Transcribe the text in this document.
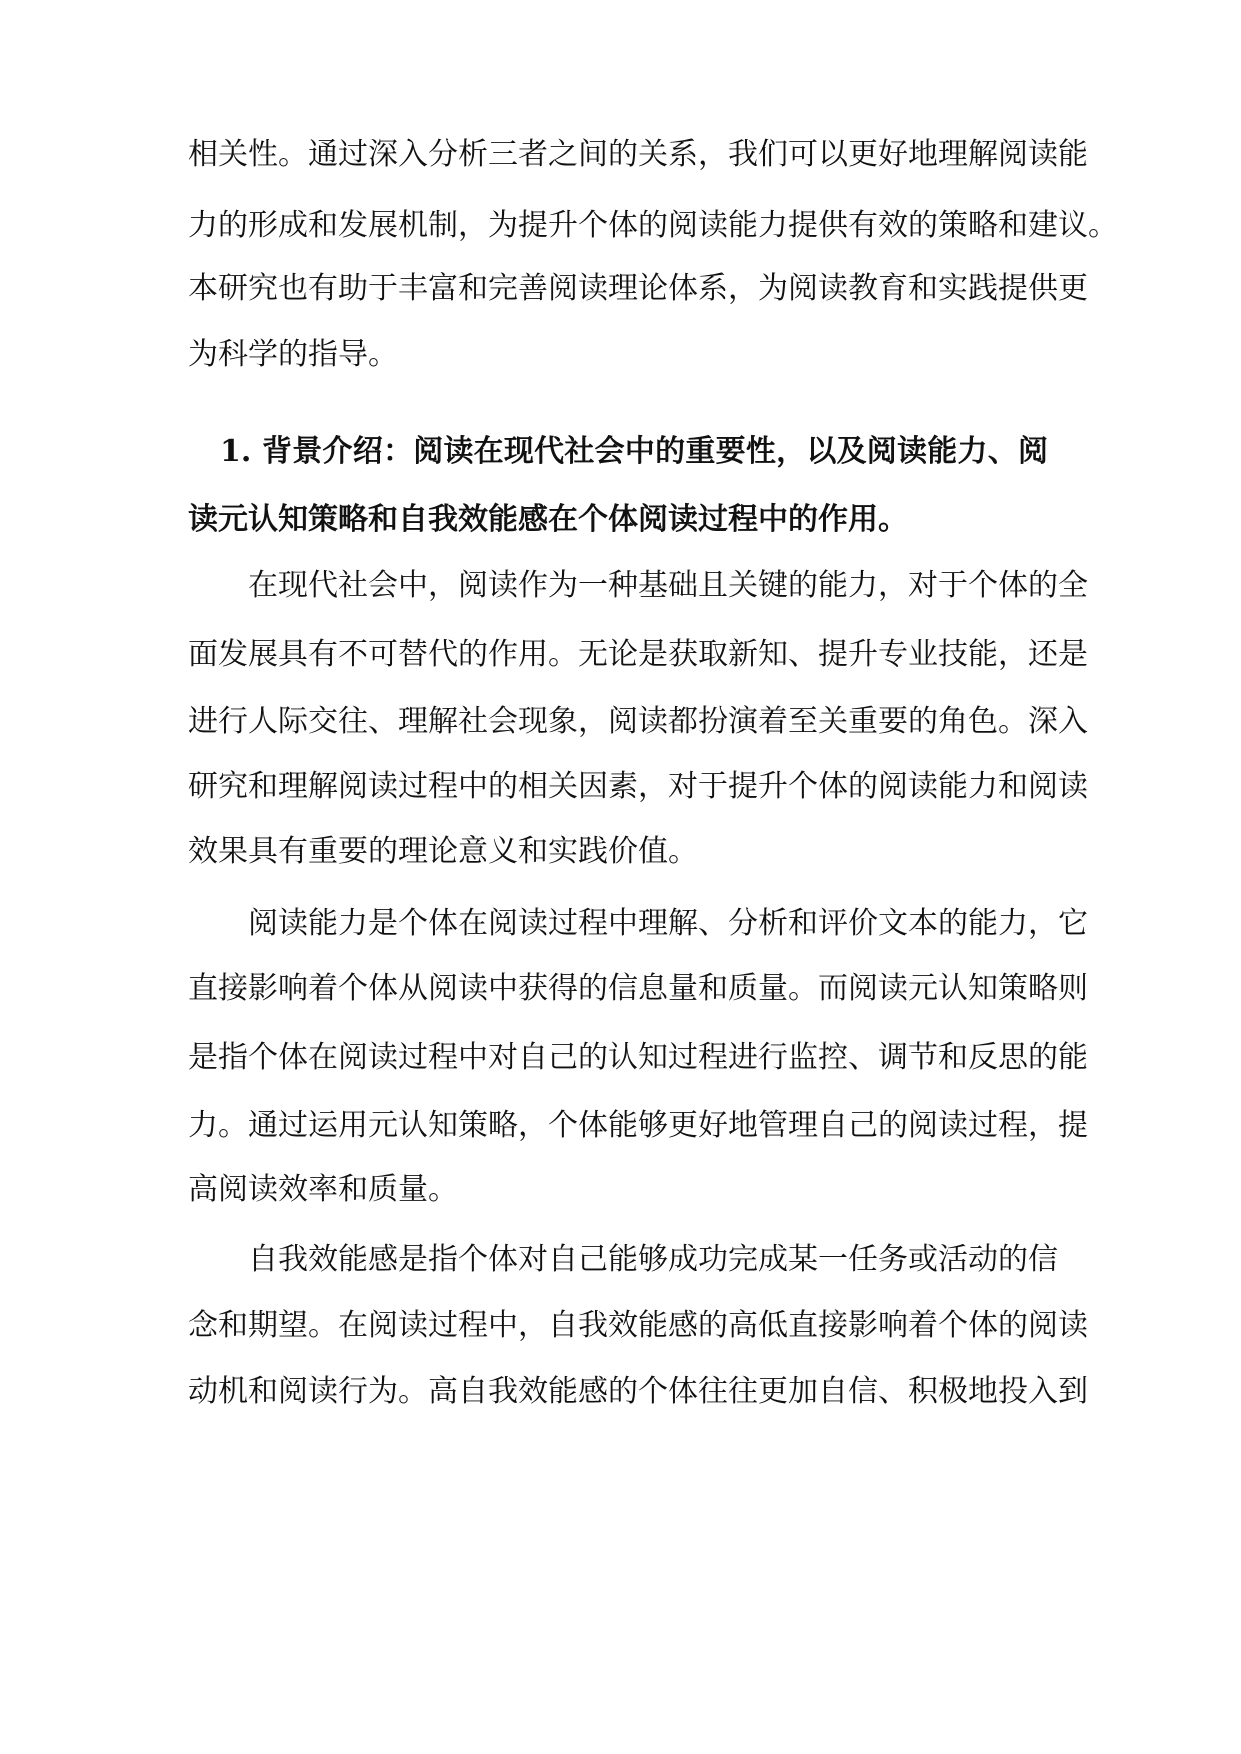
相关性。通过深入分析三者之间的关系，我们可以更好地理解阅读能
力的形成和发展机制，为提升个体的阅读能力提供有效的策略和建议。
本研究也有助于丰富和完善阅读理论体系，为阅读教育和实践提供更
为科学的指导。
1. 背景介绍：阅读在现代社会中的重要性，以及阅读能力、阅
读元认知策略和自我效能感在个体阅读过程中的作用。
在现代社会中，阅读作为一种基础且关键的能力，对于个体的全
面发展具有不可替代的作用。无论是获取新知、提升专业技能，还是
进行人际交往、理解社会现象，阅读都扮演着至关重要的角色。深入
研究和理解阅读过程中的相关因素，对于提升个体的阅读能力和阅读
效果具有重要的理论意义和实践价值。
阅读能力是个体在阅读过程中理解、分析和评价文本的能力，它
直接影响着个体从阅读中获得的信息量和质量。而阅读元认知策略则
是指个体在阅读过程中对自己的认知过程进行监控、调节和反思的能
力。通过运用元认知策略，个体能够更好地管理自己的阅读过程，提
高阅读效率和质量。
自我效能感是指个体对自己能够成功完成某一任务或活动的信
念和期望。在阅读过程中，自我效能感的高低直接影响着个体的阅读
动机和阅读行为。高自我效能感的个体往往更加自信、积极地投入到
